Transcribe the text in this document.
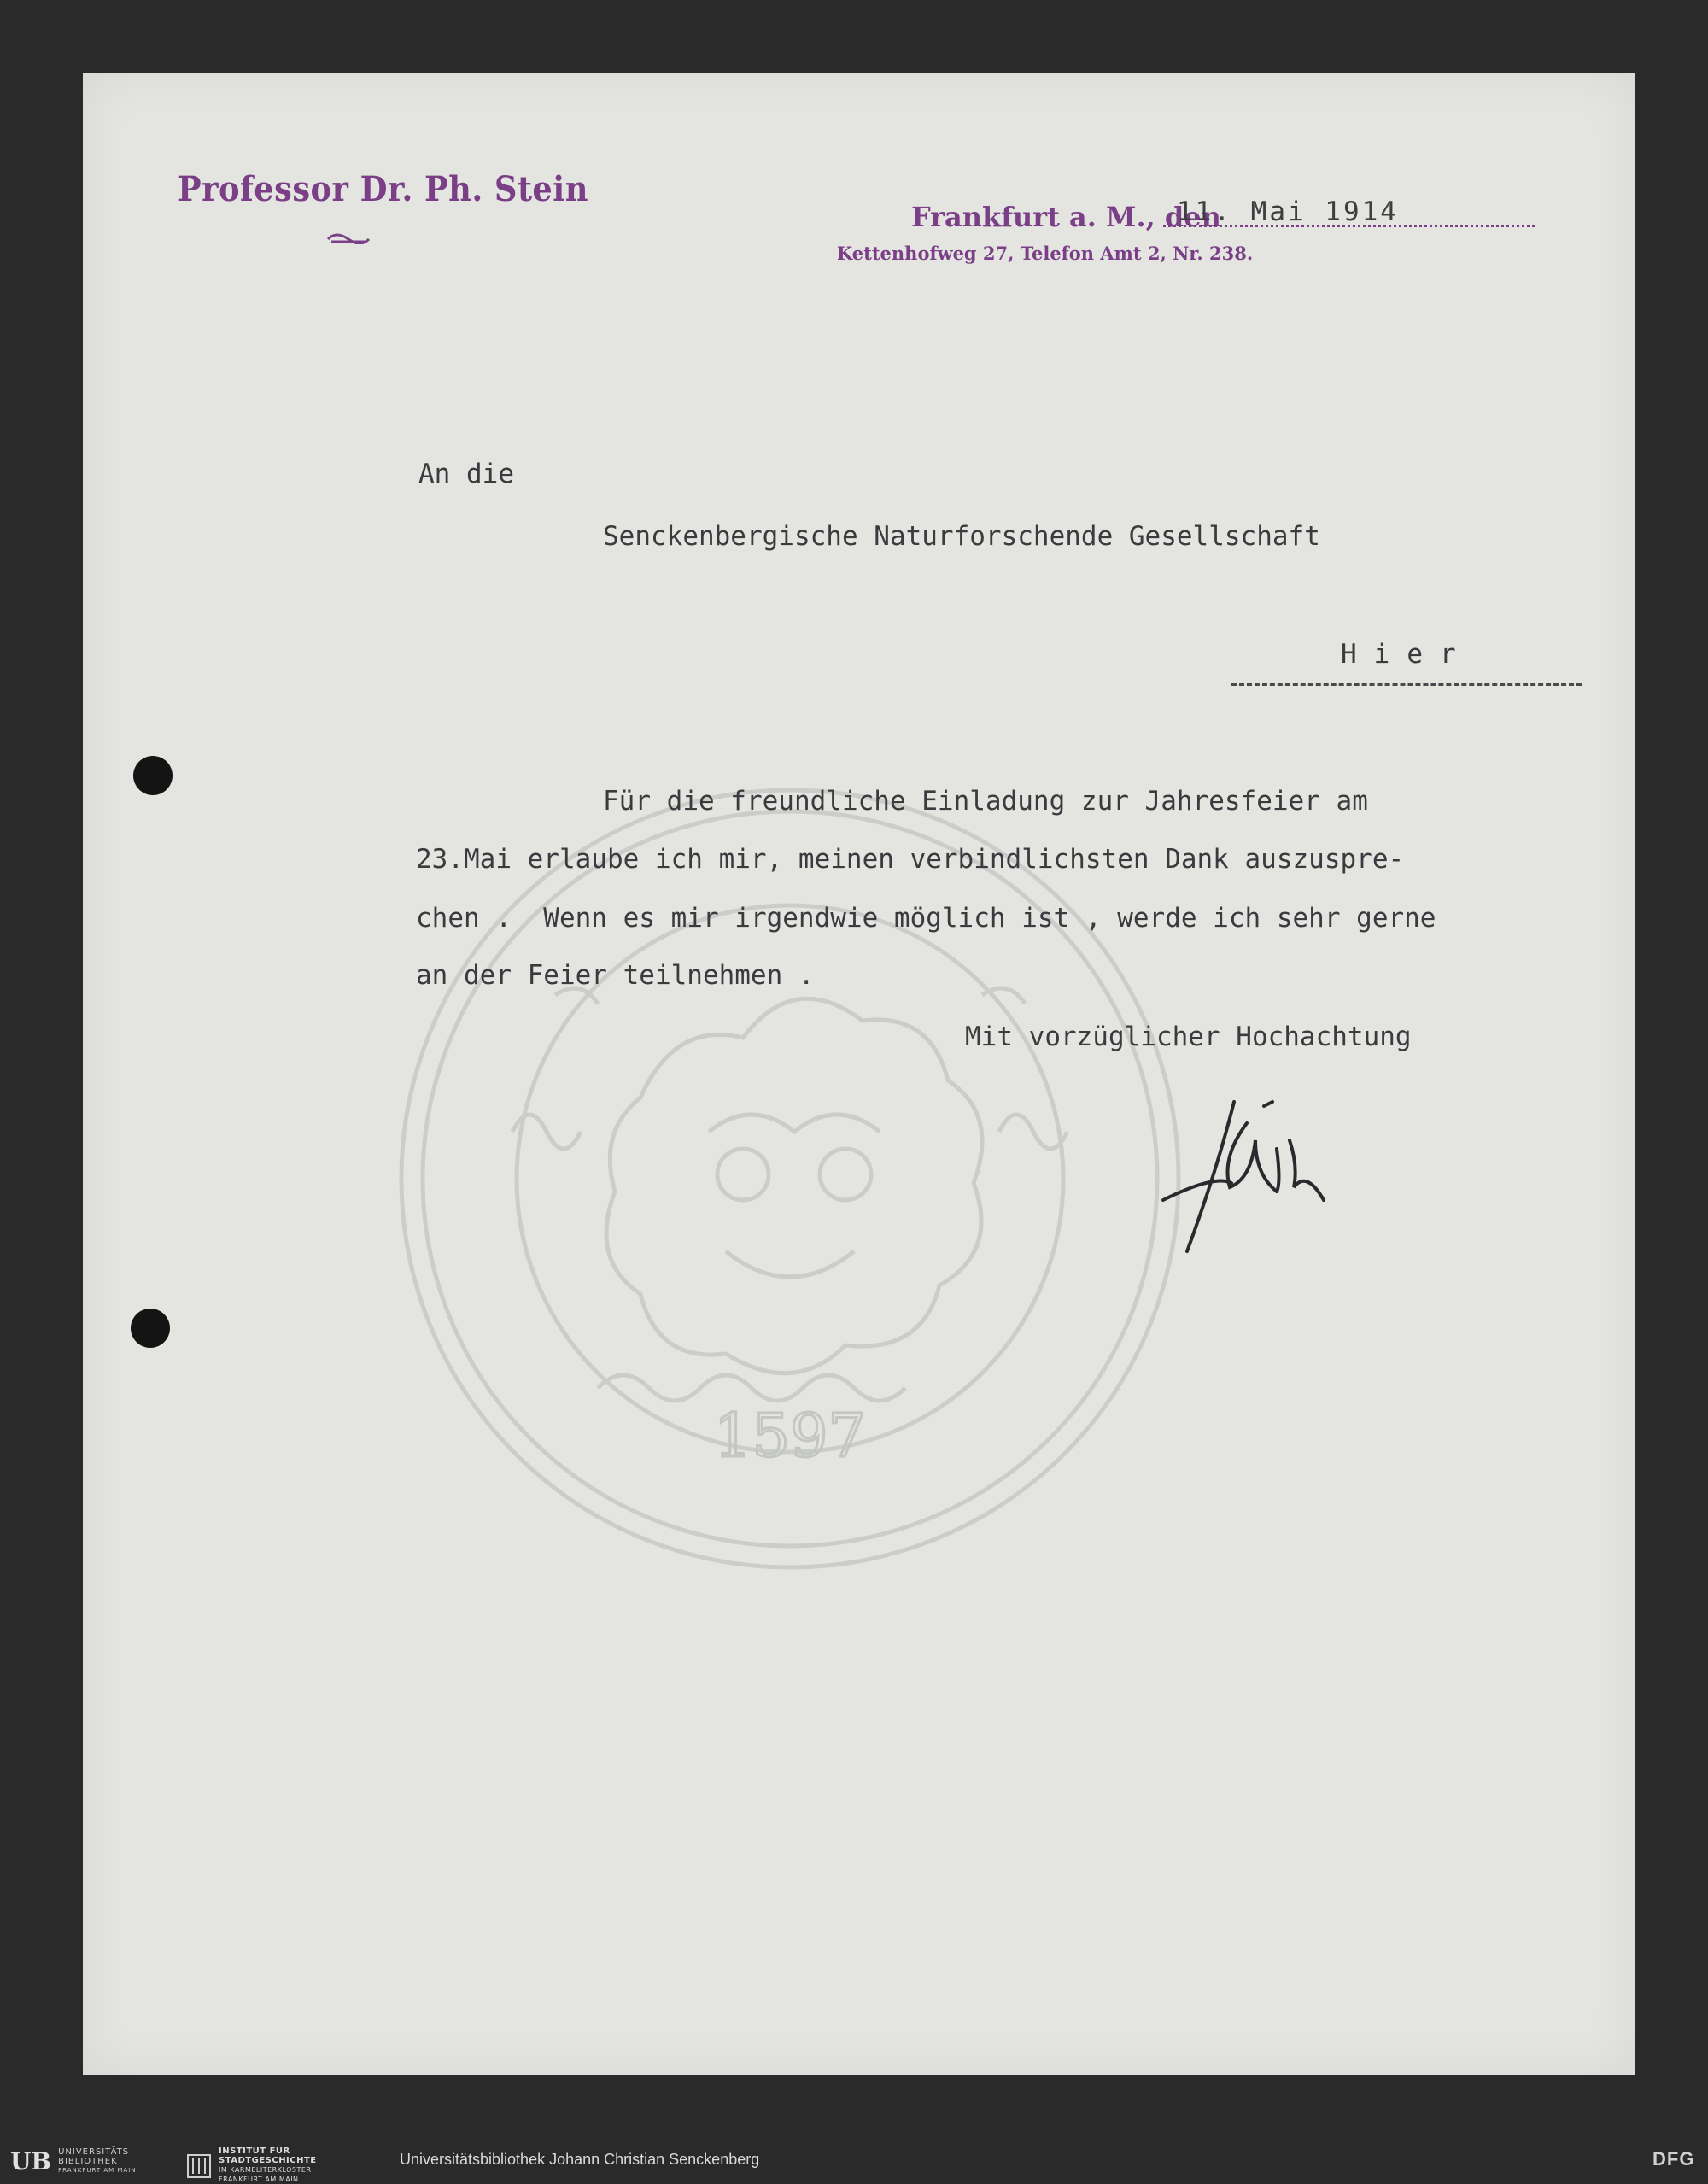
1597
Professor Dr. Ph. Stein
Frankfurt a. M., den
11. Mai 1914
Kettenhofweg 27, Telefon Amt 2, Nr. 238.
An die
Senckenbergische Naturforschende Gesellschaft
Hier
Für die freundliche Einladung zur Jahresfeier am
23.Mai erlaube ich mir, meinen verbindlichsten Dank auszusprе-
chen .  Wenn es mir irgendwie möglich ist , werde ich sehr gerne
an der Feier teilnehmen .
Mit vorzüglicher Hochachtung
UB UNIVERSITÄTS
BIBLIOTHEK
FRANKFURT AM MAIN
INSTITUT FÜR
STADTGESCHICHTE
IM KARMELITERKLOSTER
FRANKFURT AM MAIN
Universitätsbibliothek Johann Christian Senckenberg	DFG
